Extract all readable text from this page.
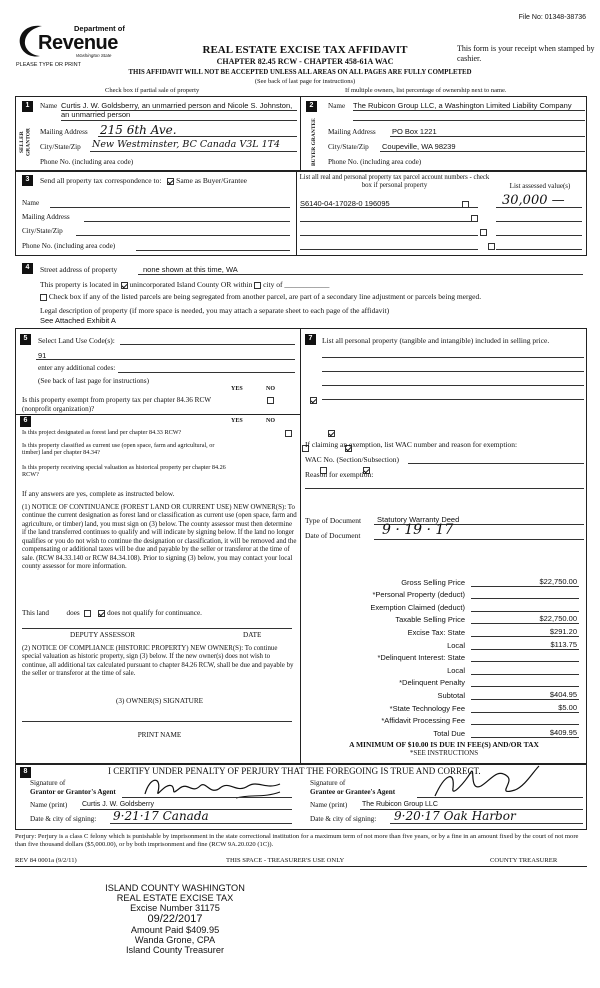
File No: 01348-38736
Department of
Revenue
Washington State
PLEASE TYPE OR PRINT
REAL ESTATE EXCISE TAX AFFIDAVIT
CHAPTER 82.45 RCW - CHAPTER 458-61A WAC
This form is your receipt when stamped by cashier.
THIS AFFIDAVIT WILL NOT BE ACCEPTED UNLESS ALL AREAS ON ALL PAGES ARE FULLY COMPLETED
(See back of last page for instructions)
Check box if partial sale of property	If multiple owners, list percentage of ownership next to name.
1
SELLER GRANTOR
Name Curtis J. W. Goldsberry, an unmarried person and Nicole S. Johnston, an unmarried person
Mailing Address 215 6th Ave.
City/State/Zip New Westminster, BC Canada V3L 1T4
Phone No. (including area code)
2
BUYER GRANTEE
Name The Rubicon Group LLC, a Washington Limited Liability Company
Mailing Address PO Box 1221
City/State/Zip Coupeville, WA 98239
Phone No. (including area code)
3	Send all property tax correspondence to: Same as Buyer/Grantee
Name
Mailing Address
City/State/Zip
Phone No. (including area code)
List all real and personal property tax parcel account numbers - check box if personal property	List assessed value(s)
S6140-04-17028-0 196095	30,000 —

4	Street address of property	none shown at this time, WA
This property is located in unincorporated Island County OR within city of ____________
Check box if any of the listed parcels are being segregated from another parcel, are part of a secondary line adjustment or parcels being merged.
Legal description of property (if more space is needed, you may attach a separate sheet to each page of the affidavit)
See Attached Exhibit A
5	Select Land Use Code(s):
91
enter any additional codes:
(See back of last page for instructions)
YES	NO
Is this property exempt from property tax per chapter 84.36 RCW (nonprofit organization)?

6	YES	NO
Is this project designated as forest land per chapter 84.33 RCW?

Is this property classified as current use (open space, farm and agricultural, or timber) land per chapter 84.34?

Is this property receiving special valuation as historical property per chapter 84.26 RCW?

If any answers are yes, complete as instructed below.
(1) NOTICE OF CONTINUANCE (FOREST LAND OR CURRENT USE) NEW OWNER(S): To continue the current designation as forest land or classification as current use (open space, farm and agriculture, or timber) land, you must sign on (3) below. The county assessor must then determine if the land transferred continues to qualify and will indicate by signing below. If the land no longer qualifies or you do not wish to continue the designation or classification, it will be removed and the compensating or additional taxes will be due and payable by the seller or transferor at the time of sale. (RCW 84.33.140 or RCW 84.34.108). Prior to signing (3) below, you may contact your local county assessor for more information.
This land does	does not qualify for continuance.
DEPUTY ASSESSOR	DATE
(2) NOTICE OF COMPLIANCE (HISTORIC PROPERTY) NEW OWNER(S): To continue special valuation as historic property, sign (3) below. If the new owner(s) does not wish to continue, all additional tax calculated pursuant to chapter 84.26 RCW, shall be due and payable by the seller or transferor at the time of sale.
(3) OWNER(S) SIGNATURE
PRINT NAME
7	List all personal property (tangible and intangible) included in selling price.
If claiming an exemption, list WAC number and reason for exemption:
WAC No. (Section/Subsection)
Reason for exemption:
Type of Document Statutory Warranty Deed
Date of Document 9 · 19 · 17
Gross Selling Price	$22,750.00
*Personal Property (deduct)
Exemption Claimed (deduct)
Taxable Selling Price	$22,750.00
Excise Tax: State	$291.20
Local	$113.75
*Delinquent Interest: State
Local
*Delinquent Penalty
Subtotal	$404.95
*State Technology Fee	$5.00
*Affidavit Processing Fee
Total Due	$409.95
A MINIMUM OF $10.00 IS DUE IN FEE(S) AND/OR TAX
*SEE INSTRUCTIONS
8	I CERTIFY UNDER PENALTY OF PERJURY THAT THE FOREGOING IS TRUE AND CORRECT.
Signature of
Grantor or Grantor's Agent
Name (print) Curtis J. W. Goldsberry
Date & city of signing: 9·21·17 Canada
Signature of
Grantee or Grantee's Agent
Name (print) The Rubicon Group LLC
Date & city of signing: 9·20·17 Oak Harbor
Perjury: Perjury is a class C felony which is punishable by imprisonment in the state correctional institution for a maximum term of not more than five years, or by a fine in an amount fixed by the court of not more than five thousand dollars ($5,000.00), or by both imprisonment and fine (RCW 9A.20.020 (1C)).
REV 84 0001a (9/2/11)	THIS SPACE - TREASURER'S USE ONLY	COUNTY TREASURER
ISLAND COUNTY WASHINGTON
REAL ESTATE EXCISE TAX
Excise Number 31175
09/22/2017
Amount Paid $409.95
Wanda Grone, CPA
Island County Treasurer
